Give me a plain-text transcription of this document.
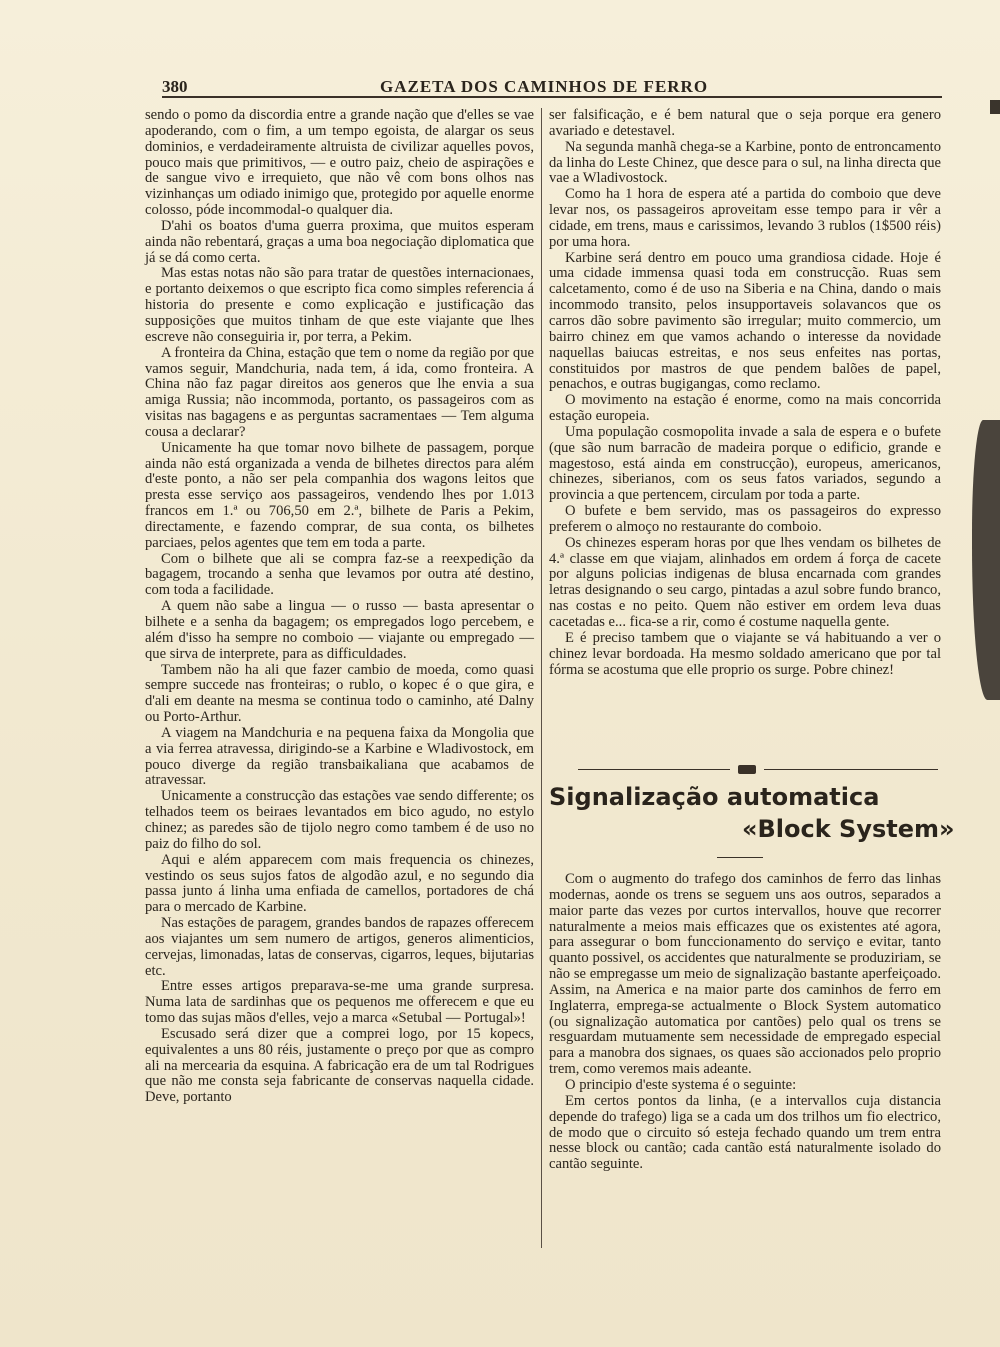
380	GAZETA DOS CAMINHOS DE FERRO

sendo o pomo da discordia entre a grande nação que d'elles se vae apoderando, com o fim, a um tempo egoista, de alargar os seus dominios, e verdadeiramente altruista de civilizar aquelles povos, pouco mais que primitivos, — e outro paiz, cheio de aspirações e de sangue vivo e irrequieto, que não vê com bons olhos nas vizinhanças um odiado inimigo que, protegido por aquelle enorme colosso, póde incommodal-o qualquer dia.

D'ahi os boatos d'uma guerra proxima, que muitos esperam ainda não rebentará, graças a uma boa negociação diplomatica que já se dá como certa.

Mas estas notas não são para tratar de questões internacionaes, e portanto deixemos o que escripto fica como simples referencia á historia do presente e como explicação e justificação das supposições que muitos tinham de que este viajante que lhes escreve não conseguiria ir, por terra, a Pekim.

A fronteira da China, estação que tem o nome da região por que vamos seguir, Mandchuria, nada tem, á ida, como fronteira. A China não faz pagar direitos aos generos que lhe envia a sua amiga Russia; não incommoda, portanto, os passageiros com as visitas nas bagagens e as perguntas sacramentaes — Tem alguma cousa a declarar?

Unicamente ha que tomar novo bilhete de passagem, porque ainda não está organizada a venda de bilhetes directos para além d'este ponto, a não ser pela companhia dos wagons leitos que presta esse serviço aos passageiros, vendendo lhes por 1.013 francos em 1.ª ou 706,50 em 2.ª, bilhete de Paris a Pekim, directamente, e fazendo comprar, de sua conta, os bilhetes parciaes, pelos agentes que tem em toda a parte.

Com o bilhete que ali se compra faz-se a reexpedição da bagagem, trocando a senha que levamos por outra até destino, com toda a facilidade.

A quem não sabe a lingua — o russo — basta apresentar o bilhete e a senha da bagagem; os empregados logo percebem, e além d'isso ha sempre no comboio — viajante ou empregado — que sirva de interprete, para as difficuldades.

Tambem não ha ali que fazer cambio de moeda, como quasi sempre succede nas fronteiras; o rublo, o kopec é o que gira, e d'ali em deante na mesma se continua todo o caminho, até Dalny ou Porto-Arthur.

A viagem na Mandchuria e na pequena faixa da Mongolia que a via ferrea atravessa, dirigindo-se a Karbine e Wladivostock, em pouco diverge da região transbaikaliana que acabamos de atravessar.

Unicamente a construcção das estações vae sendo differente; os telhados teem os beiraes levantados em bico agudo, no estylo chinez; as paredes são de tijolo negro como tambem é de uso no paiz do filho do sol.

Aqui e além apparecem com mais frequencia os chinezes, vestindo os seus sujos fatos de algodão azul, e no segundo dia passa junto á linha uma enfiada de camellos, portadores de chá para o mercado de Karbine.

Nas estações de paragem, grandes bandos de rapazes offerecem aos viajantes um sem numero de artigos, generos alimenticios, cervejas, limonadas, latas de conservas, cigarros, leques, bijutarias etc.

Entre esses artigos preparava-se-me uma grande surpresa. Numa lata de sardinhas que os pequenos me offerecem e que eu tomo das sujas mãos d'elles, vejo a marca «Setubal — Portugal»!

Escusado será dizer que a comprei logo, por 15 kopecs, equivalentes a uns 80 réis, justamente o preço por que as compro ali na mercearia da esquina. A fabricação era de um tal Rodrigues que não me consta seja fabricante de conservas naquella cidade. Deve, portanto

ser falsificação, e é bem natural que o seja porque era genero avariado e detestavel.

Na segunda manhã chega-se a Karbine, ponto de entroncamento da linha do Leste Chinez, que desce para o sul, na linha directa que vae a Wladivostock.

Como ha 1 hora de espera até a partida do comboio que deve levar nos, os passageiros aproveitam esse tempo para ir vêr a cidade, em trens, maus e carissimos, levando 3 rublos (1$500 réis) por uma hora.

Karbine será dentro em pouco uma grandiosa cidade. Hoje é uma cidade immensa quasi toda em construcção. Ruas sem calcetamento, como é de uso na Siberia e na China, dando o mais incommodo transito, pelos insupportaveis solavancos que os carros dão sobre pavimento são irregular; muito commercio, um bairro chinez em que vamos achando o interesse da novidade naquellas baiucas estreitas, e nos seus enfeites nas portas, constituidos por mastros de que pendem balões de papel, penachos, e outras bugigangas, como reclamo.

O movimento na estação é enorme, como na mais concorrida estação europeia.

Uma população cosmopolita invade a sala de espera e o bufete (que são num barracão de madeira porque o edificio, grande e magestoso, está ainda em construcção), europeus, americanos, chinezes, siberianos, com os seus fatos variados, segundo a provincia a que pertencem, circulam por toda a parte.

O bufete e bem servido, mas os passageiros do expresso preferem o almoço no restaurante do comboio.

Os chinezes esperam horas por que lhes vendam os bilhetes de 4.ª classe em que viajam, alinhados em ordem á força de cacete por alguns policias indigenas de blusa encarnada com grandes letras designando o seu cargo, pintadas a azul sobre fundo branco, nas costas e no peito. Quem não estiver em ordem leva duas cacetadas e... fica-se a rir, como é costume naquella gente.

E é preciso tambem que o viajante se vá habituando a ver o chinez levar bordoada. Ha mesmo soldado americano que por tal fórma se acostuma que elle proprio os surge. Pobre chinez!

Signalização automatica
«Block System»

Com o augmento do trafego dos caminhos de ferro das linhas modernas, aonde os trens se seguem uns aos outros, separados a maior parte das vezes por curtos intervallos, houve que recorrer naturalmente a meios mais efficazes que os existentes até agora, para assegurar o bom funccionamento do serviço e evitar, tanto quanto possivel, os accidentes que naturalmente se produziriam, se não se empregasse um meio de signalização bastante aperfeiçoado. Assim, na America e na maior parte dos caminhos de ferro em Inglaterra, emprega-se actualmente o Block System automatico (ou signalização automatica por cantões) pelo qual os trens se resguardam mutuamente sem necessidade de empregado especial para a manobra dos signaes, os quaes são accionados pelo proprio trem, como veremos mais adeante.

O principio d'este systema é o seguinte:

Em certos pontos da linha, (e a intervallos cuja distancia depende do trafego) liga se a cada um dos trilhos um fio electrico, de modo que o circuito só esteja fechado quando um trem entra nesse block ou cantão; cada cantão está naturalmente isolado do cantão seguinte.
